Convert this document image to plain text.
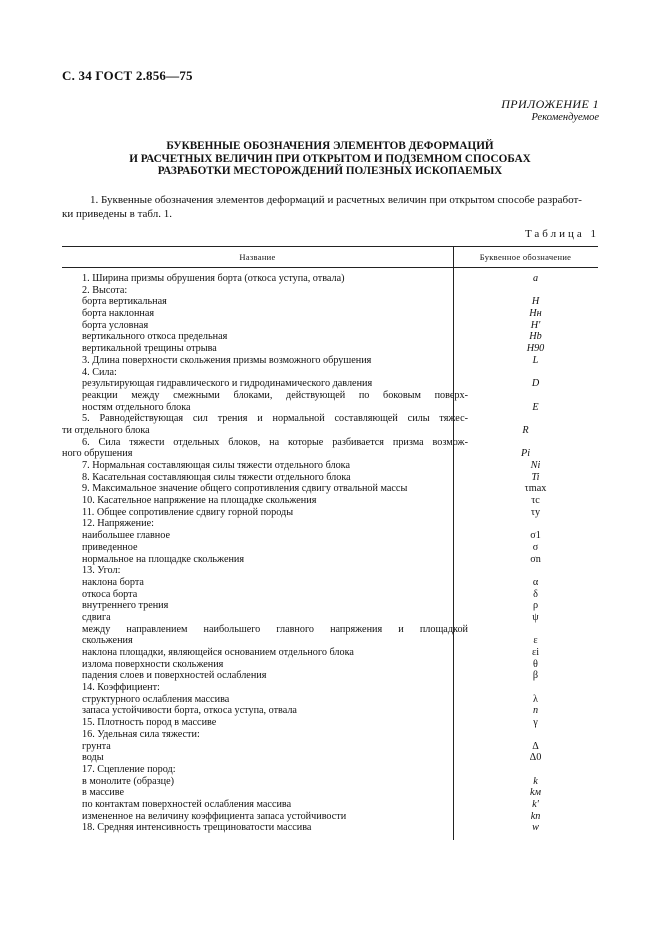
С. 34 ГОСТ 2.856—75
ПРИЛОЖЕНИЕ 1
Рекомендуемое
БУКВЕННЫЕ ОБОЗНАЧЕНИЯ ЭЛЕМЕНТОВ ДЕФОРМАЦИЙ
И РАСЧЕТНЫХ ВЕЛИЧИН ПРИ ОТКРЫТОМ И ПОДЗЕМНОМ СПОСОБАХ
РАЗРАБОТКИ МЕСТОРОЖДЕНИЙ ПОЛЕЗНЫХ ИСКОПАЕМЫХ
1. Буквенные обозначения элементов деформаций и расчетных величин при открытом способе разработ-
ки приведены в табл. 1.
Таблица 1
Название	Буквенное обозначение
1. Ширина призмы обрушения борта (откоса уступа, отвала)	a
2. Высота:
борта вертикальная	H
борта наклонная	Hн
борта условная	H'
вертикального откоса предельная	Hb
вертикальной трещины отрыва	H90
3. Длина поверхности скольжения призмы возможного обрушения	L
4. Сила:
результирующая гидравлического и гидродинамического давления	D
реакции между смежными блоками, действующей по боковым поверх-
ностям отдельного блока	E
5. Равнодействующая сил трения и нормальной составляющей силы тяжес-
ти отдельного блока	R
6. Сила тяжести отдельных блоков, на которые разбивается призма возмож-
ного обрушения	Pi
7. Нормальная составляющая силы тяжести отдельного блока	Ni
8. Касательная составляющая силы тяжести отдельного блока	Ti
9. Максимальное значение общего сопротивления сдвигу отвальной массы	τmax
10. Касательное напряжение на площадке скольжения	τc
11. Общее сопротивление сдвигу горной породы	τy
12. Напряжение:
наибольшее главное	σ1
приведенное	σ
нормальное на площадке скольжения	σn
13. Угол:
наклона борта	α
откоса борта	δ
внутреннего трения	ρ
сдвига	ψ
между направлением наибольшего главного напряжения и площадкой
скольжения	ε
наклона площадки, являющейся основанием отдельного блока	εi
излома поверхности скольжения	θ
падения слоев и поверхностей ослабления	β
14. Коэффициент:
структурного ослабления массива	λ
запаса устойчивости борта, откоса уступа, отвала	n
15. Плотность пород в массиве	γ
16. Удельная сила тяжести:
грунта	Δ
воды	Δ0
17. Сцепление пород:
в монолите (образце)	k
в массиве	kм
по контактам поверхностей ослабления массива	k'
измененное на величину коэффициента запаса устойчивости	kn
18. Средняя интенсивность трещиноватости массива	w
